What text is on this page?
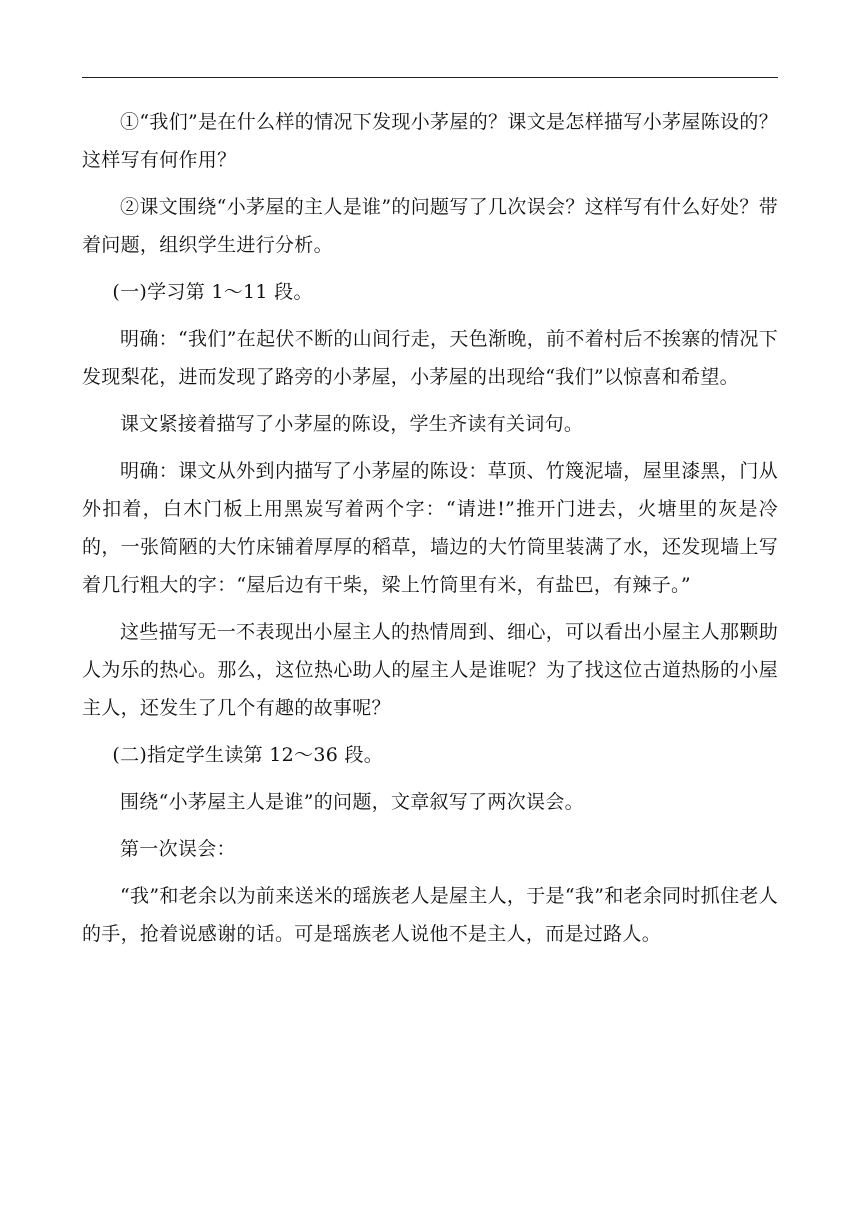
①“我们”是在什么样的情况下发现小茅屋的？课文是怎样描写小茅屋陈设的？这样写有何作用？

②课文围绕“小茅屋的主人是谁”的问题写了几次误会？这样写有什么好处？带着问题，组织学生进行分析。

(一)学习第 1～11 段。

明确：“我们”在起伏不断的山间行走，天色渐晚，前不着村后不挨寨的情况下发现梨花，进而发现了路旁的小茅屋，小茅屋的出现给“我们”以惊喜和希望。

课文紧接着描写了小茅屋的陈设，学生齐读有关词句。

明确：课文从外到内描写了小茅屋的陈设：草顶、竹篾泥墙，屋里漆黑，门从外扣着，白木门板上用黑炭写着两个字：“请进!”推开门进去，火塘里的灰是冷的，一张简陋的大竹床铺着厚厚的稻草，墙边的大竹筒里装满了水，还发现墙上写着几行粗大的字：“屋后边有干柴，梁上竹筒里有米，有盐巴，有辣子。”

这些描写无一不表现出小屋主人的热情周到、细心，可以看出小屋主人那颗助人为乐的热心。那么，这位热心助人的屋主人是谁呢？为了找这位古道热肠的小屋主人，还发生了几个有趣的故事呢？

(二)指定学生读第 12～36 段。

围绕“小茅屋主人是谁”的问题，文章叙写了两次误会。

第一次误会：

“我”和老余以为前来送米的瑶族老人是屋主人，于是“我”和老余同时抓住老人的手，抢着说感谢的话。可是瑶族老人说他不是主人，而是过路人。
